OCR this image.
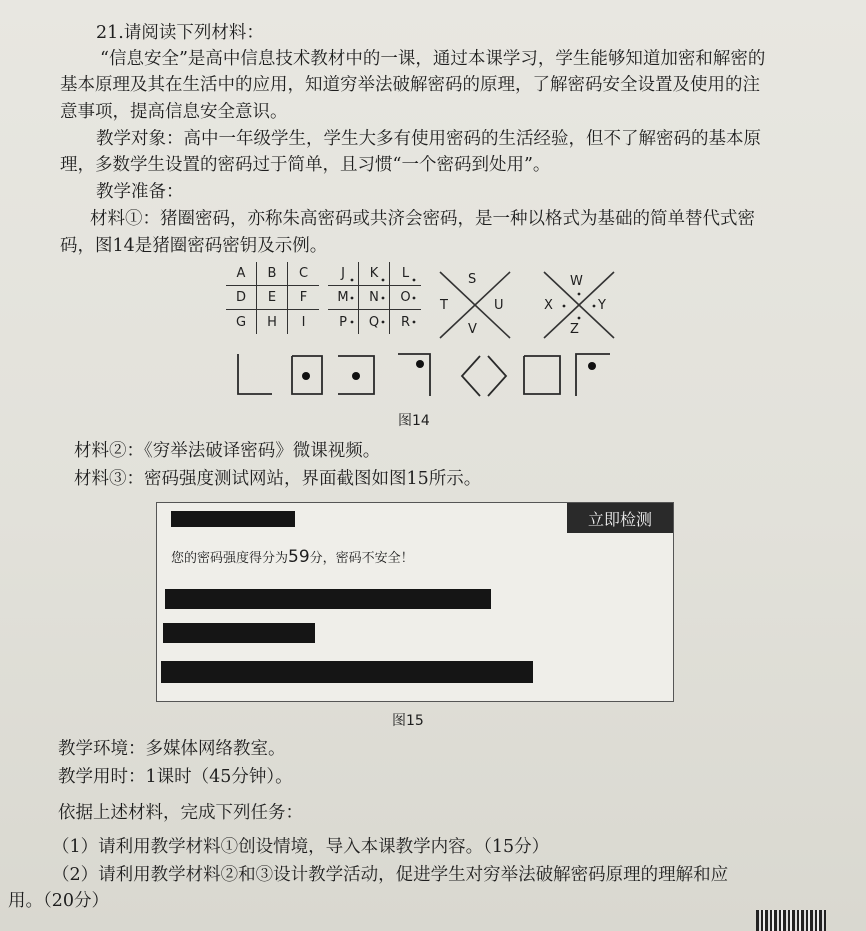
21.请阅读下列材料：
“信息安全”是高中信息技术教材中的一课，通过本课学习，学生能够知道加密和解密的
基本原理及其在生活中的应用，知道穷举法破解密码的原理，了解密码安全设置及使用的注
意事项，提高信息安全意识。
教学对象：高中一年级学生，学生大多有使用密码的生活经验，但不了解密码的基本原
理，多数学生设置的密码过于简单，且习惯“一个密码到处用”。
教学准备：
材料①：猪圈密码，亦称朱高密码或共济会密码，是一种以格式为基础的简单替代式密
码，图14是猪圈密码密钥及示例。
A	B	C
D	E	F
G	H	I
J	K	L
M	N	O
P	Q	R
S
T	U
V
W
X	Y
Z
图14
材料②：《穷举法破译密码》微课视频。
材料③：密码强度测试网站，界面截图如图15所示。
立即检测
您的密码强度得分为59分，密码不安全！
图15
教学环境：多媒体网络教室。
教学用时：1课时（45分钟）。
依据上述材料，完成下列任务：
（1）请利用教学材料①创设情境，导入本课教学内容。（15分）
（2）请利用教学材料②和③设计教学活动，促进学生对穷举法破解密码原理的理解和应
用。（20分）
